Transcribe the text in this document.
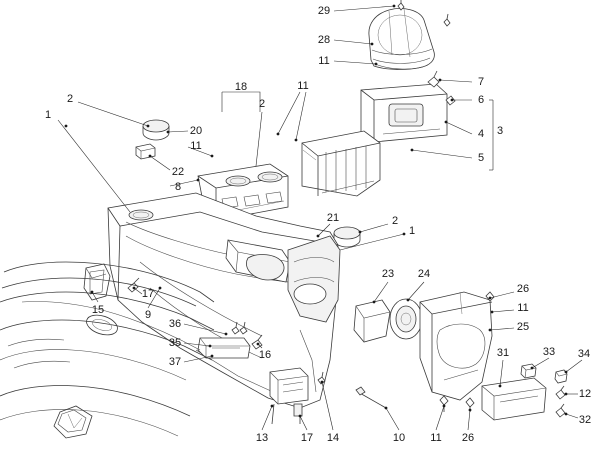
29
28
11
7
6
4 3
5
18	11
2
2
1
20
11
22
8
21	2
1
23 24
26
11
25
15
17
9
36
35
37
16	31	33 34
12
32
13	17 14	10 11 26
